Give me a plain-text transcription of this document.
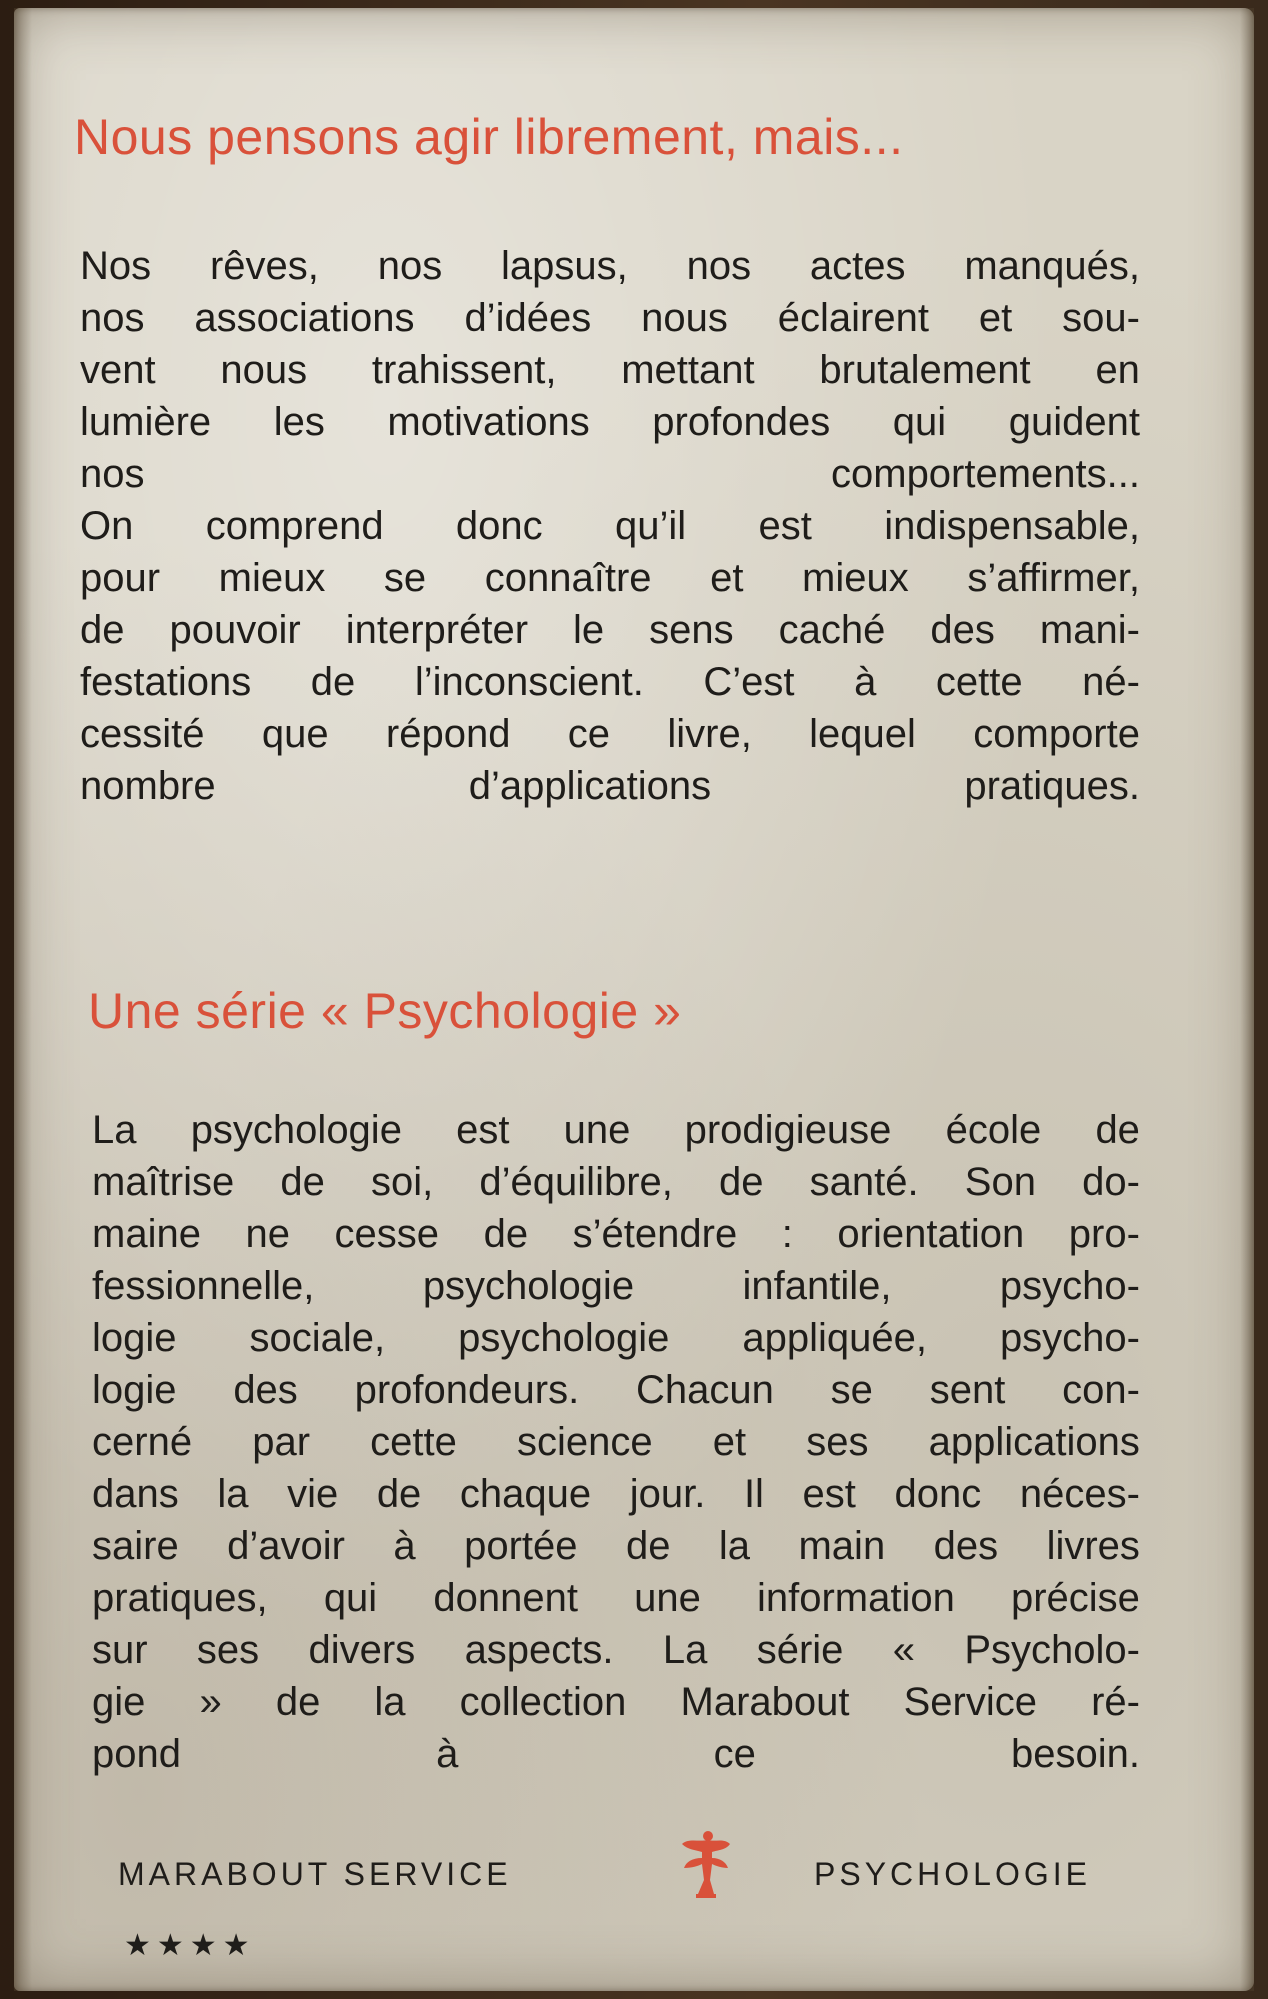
Nous pensons agir librement, mais...
Nos rêves, nos lapsus, nos actes manqués,
nos associations d’idées nous éclairent et sou-
vent nous trahissent, mettant brutalement en
lumière les motivations profondes qui guident
nos comportements...
On comprend donc qu’il est indispensable,
pour mieux se connaître et mieux s’affirmer,
de pouvoir interpréter le sens caché des mani-
festations de l’inconscient. C’est à cette né-
cessité que répond ce livre, lequel comporte
nombre d’applications pratiques.
Une série « Psychologie »
La psychologie est une prodigieuse école de
maîtrise de soi, d’équilibre, de santé. Son do-
maine ne cesse de s’étendre : orientation pro-
fessionnelle,	psychologie	infantile,	psycho-
logie sociale, psychologie appliquée, psycho-
logie des profondeurs. Chacun se sent con-
cerné par cette science et ses applications
dans la vie de chaque jour. Il est donc néces-
saire d’avoir à portée de la main des livres
pratiques, qui donnent une information précise
sur ses divers aspects. La série « Psycholo-
gie » de la collection Marabout Service ré-
pond à ce besoin.
MARABOUT SERVICE	PSYCHOLOGIE
★★★★
